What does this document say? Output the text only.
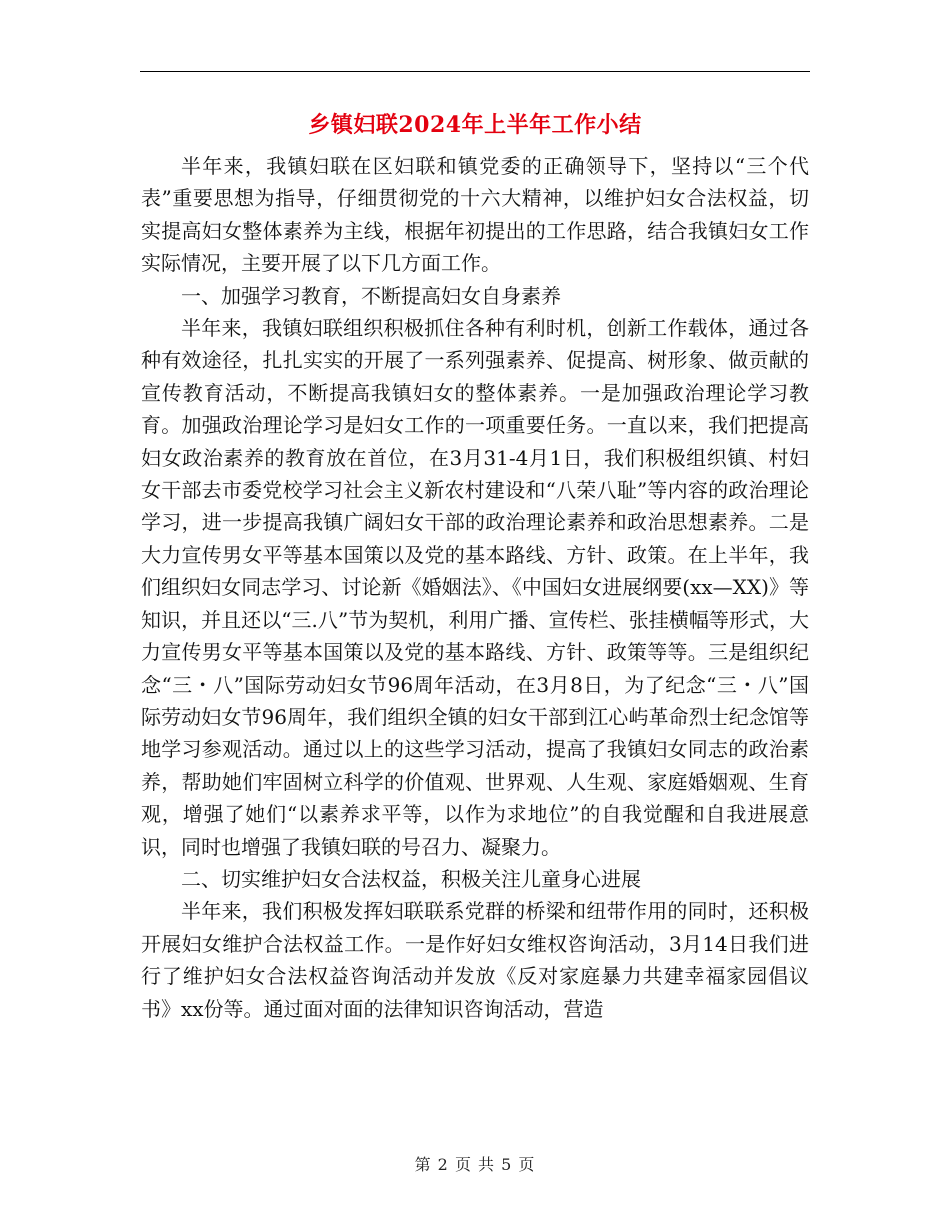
乡镇妇联2024年上半年工作小结

半年来，我镇妇联在区妇联和镇党委的正确领导下，坚持以“三个代表”重要思想为指导，仔细贯彻党的十六大精神，以维护妇女合法权益，切实提高妇女整体素养为主线，根据年初提出的工作思路，结合我镇妇女工作实际情况，主要开展了以下几方面工作。

一、加强学习教育，不断提高妇女自身素养

半年来，我镇妇联组织积极抓住各种有利时机，创新工作载体，通过各种有效途径，扎扎实实的开展了一系列强素养、促提高、树形象、做贡献的宣传教育活动，不断提高我镇妇女的整体素养。一是加强政治理论学习教育。加强政治理论学习是妇女工作的一项重要任务。一直以来，我们把提高妇女政治素养的教育放在首位，在3月31-4月1日，我们积极组织镇、村妇女干部去市委党校学习社会主义新农村建设和“八荣八耻”等内容的政治理论学习，进一步提高我镇广阔妇女干部的政治理论素养和政治思想素养。二是大力宣传男女平等基本国策以及党的基本路线、方针、政策。在上半年，我们组织妇女同志学习、讨论新《婚姻法》、《中国妇女进展纲要(xx—XX)》等知识，并且还以“三.八”节为契机，利用广播、宣传栏、张挂横幅等形式，大力宣传男女平等基本国策以及党的基本路线、方针、政策等等。三是组织纪念“三・八”国际劳动妇女节96周年活动，在3月8日，为了纪念“三・八”国际劳动妇女节96周年，我们组织全镇的妇女干部到江心屿革命烈士纪念馆等地学习参观活动。通过以上的这些学习活动，提高了我镇妇女同志的政治素养，帮助她们牢固树立科学的价值观、世界观、人生观、家庭婚姻观、生育观，增强了她们“以素养求平等，以作为求地位”的自我觉醒和自我进展意识，同时也增强了我镇妇联的号召力、凝聚力。

二、切实维护妇女合法权益，积极关注儿童身心进展

半年来，我们积极发挥妇联联系党群的桥梁和纽带作用的同时，还积极开展妇女维护合法权益工作。一是作好妇女维权咨询活动，3月14日我们进行了维护妇女合法权益咨询活动并发放《反对家庭暴力共建幸福家园倡议书》xx份等。通过面对面的法律知识咨询活动，营造

第 2 页 共 5 页
